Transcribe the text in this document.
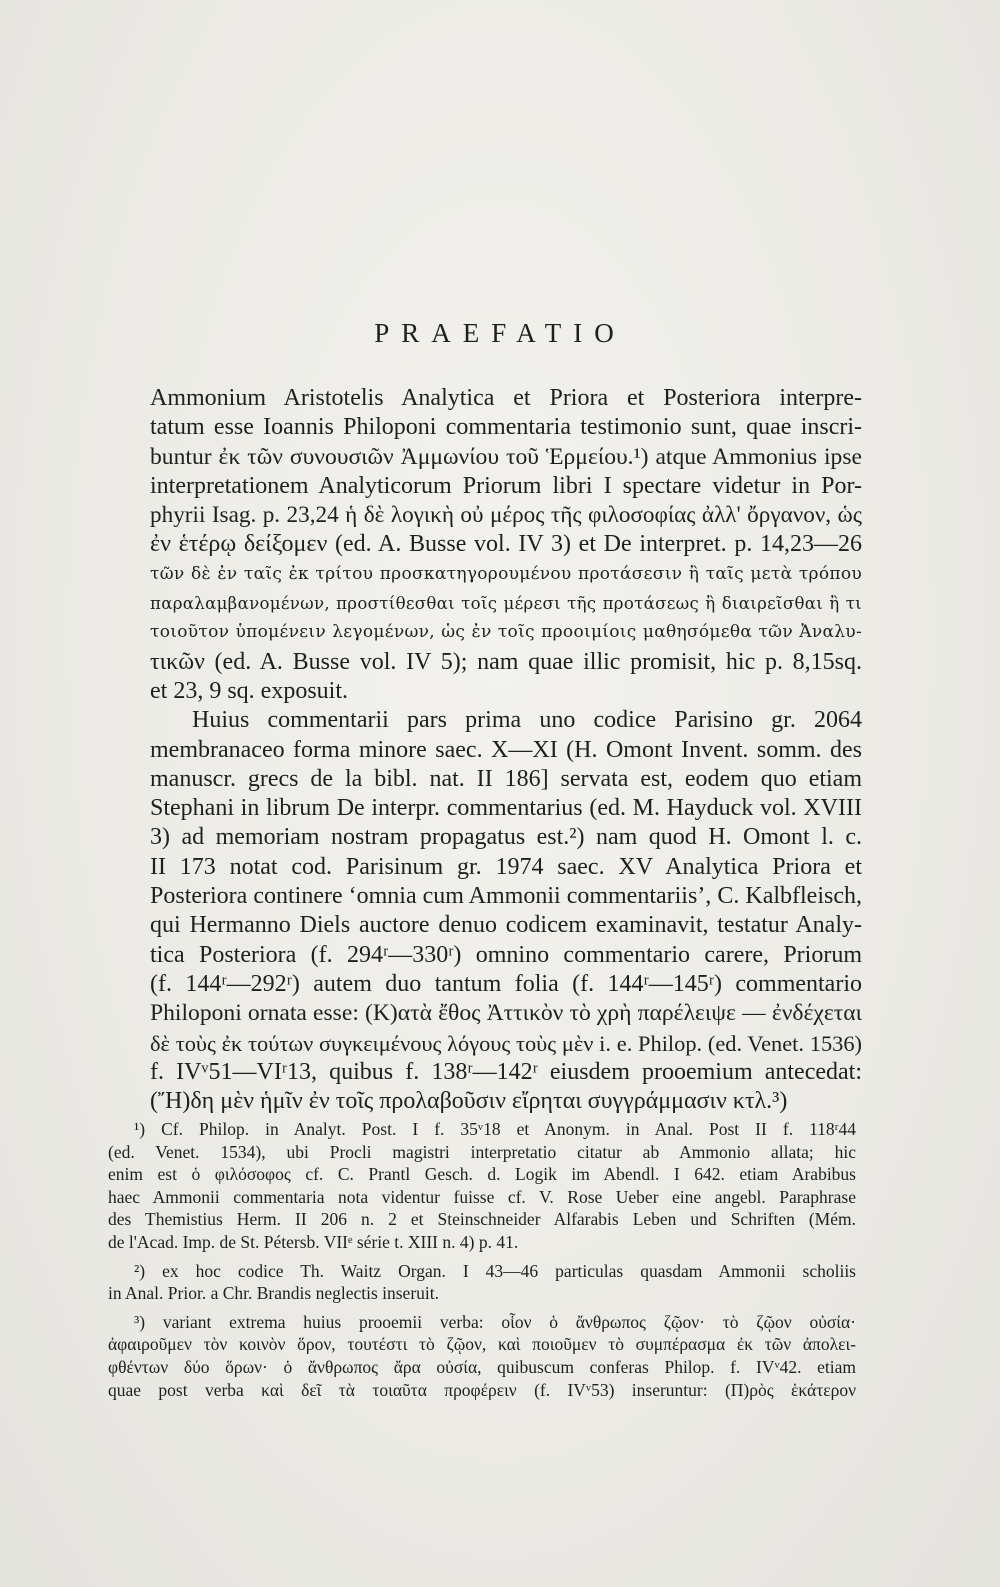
PRAEFATIO

Ammonium Aristotelis Analytica et Priora et Posteriora interpre-
tatum esse Ioannis Philoponi commentaria testimonio sunt, quae inscri-
buntur ἐκ τῶν συνουσιῶν Ἀμμωνίου τοῦ Ἑρμείου.¹) atque Ammonius ipse
interpretationem Analyticorum Priorum libri I spectare videtur in Por-
phyrii Isag. p. 23,24 ἡ δὲ λογικὴ οὐ μέρος τῆς φιλοσοφίας ἀλλ' ὄργανον, ὡς
ἐν ἑτέρῳ δείξομεν (ed. A. Busse vol. IV 3) et De interpret. p. 14,23—26
τῶν δὲ ἐν ταῖς ἐκ τρίτου προσκατηγορουμένου προτάσεσιν ἢ ταῖς μετὰ τρόπου
παραλαμβανομένων, προστίθεσθαι τοῖς μέρεσι τῆς προτάσεως ἢ διαιρεῖσθαι ἢ τι
τοιοῦτον ὑπομένειν λεγομένων, ὡς ἐν τοῖς προοιμίοις μαθησόμεθα τῶν Ἀναλυ-
τικῶν (ed. A. Busse vol. IV 5); nam quae illic promisit, hic p. 8,15sq.
et 23, 9 sq. exposuit.

Huius commentarii pars prima uno codice Parisino gr. 2064
membranaceo forma minore saec. X—XI (H. Omont Invent. somm. des
manuscr. grecs de la bibl. nat. II 186] servata est, eodem quo etiam
Stephani in librum De interpr. commentarius (ed. M. Hayduck vol. XVIII
3) ad memoriam nostram propagatus est.²) nam quod H. Omont l. c.
II 173 notat cod. Parisinum gr. 1974 saec. XV Analytica Priora et
Posteriora continere ‘omnia cum Ammonii commentariis’, C. Kalbfleisch,
qui Hermanno Diels auctore denuo codicem examinavit, testatur Analy-
tica Posteriora (f. 294ʳ—330ʳ) omnino commentario carere, Priorum
(f. 144ʳ—292ʳ) autem duo tantum folia (f. 144ʳ—145ʳ) commentario
Philoponi ornata esse: (Κ)ατὰ ἔθος Ἀττικὸν τὸ χρὴ παρέλειψε — ἐνδέχεται
δὲ τοὺς ἐκ τούτων συγκειμένους λόγους τοὺς μὲν i. e. Philop. (ed. Venet. 1536)
f. IVᵛ51—VIʳ13, quibus f. 138ʳ—142ʳ eiusdem prooemium antecedat:
(Ἤ)δη μὲν ἡμῖν ἐν τοῖς προλαβοῦσιν εἴρηται συγγράμμασιν κτλ.³)

¹) Cf. Philop. in Analyt. Post. I f. 35ᵛ18 et Anonym. in Anal. Post II f. 118ʳ44
(ed. Venet. 1534), ubi Procli magistri interpretatio citatur ab Ammonio allata; hic
enim est ὁ φιλόσοφος cf. C. Prantl Gesch. d. Logik im Abendl. I 642. etiam Arabibus
haec Ammonii commentaria nota videntur fuisse cf. V. Rose Ueber eine angebl. Paraphrase
des Themistius Herm. II 206 n. 2 et Steinschneider Alfarabis Leben und Schriften (Mém.
de l'Acad. Imp. de St. Pétersb. VIIᵉ série t. XIII n. 4) p. 41.
²) ex hoc codice Th. Waitz Organ. I 43—46 particulas quasdam Ammonii scholiis
in Anal. Prior. a Chr. Brandis neglectis inseruit.
³) variant extrema huius prooemii verba: οἷον ὁ ἄνθρωπος ζῷον· τὸ ζῷον οὐσία·
ἀφαιροῦμεν τὸν κοινὸν ὅρον, τουτέστι τὸ ζῷον, καὶ ποιοῦμεν τὸ συμπέρασμα ἐκ τῶν ἀπολει-
φθέντων δύο ὅρων· ὁ ἄνθρωπος ἄρα οὐσία, quibuscum conferas Philop. f. IVᵛ42. etiam
quae post verba καὶ δεῖ τὰ τοιαῦτα προφέρειν (f. IVᵛ53) inseruntur: (Π)ρὸς ἑκάτερον
